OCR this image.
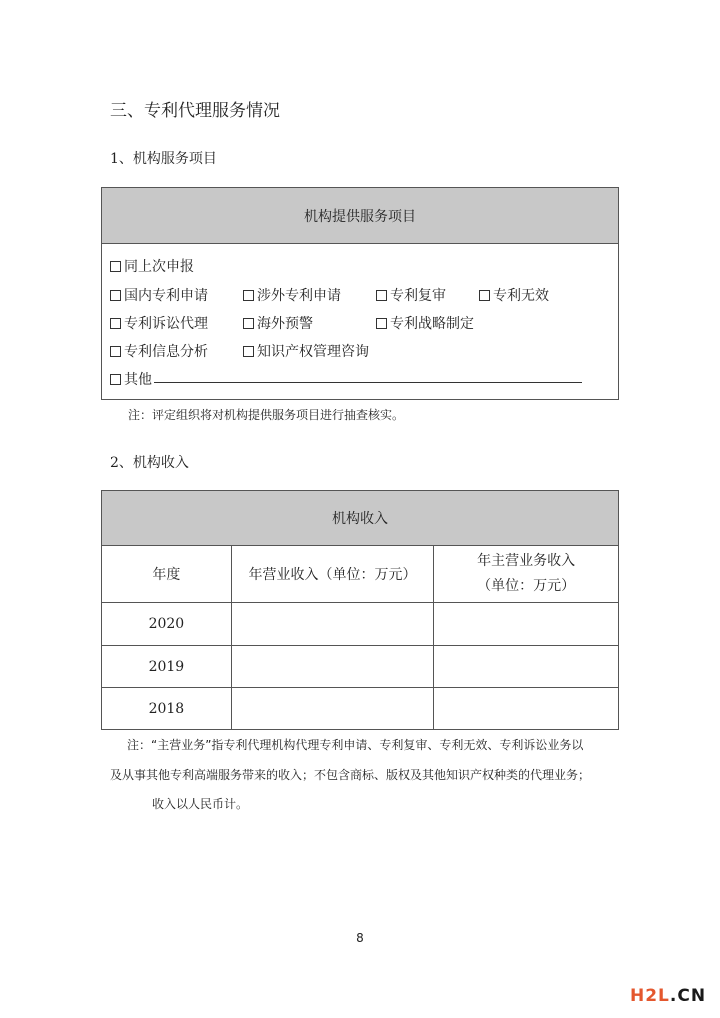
三、专利代理服务情况
1、机构服务项目
机构提供服务项目
同上次申报
国内专利申请	涉外专利申请	专利复审	专利无效
专利诉讼代理	海外预警	专利战略制定
专利信息分析	知识产权管理咨询
其他
注：评定组织将对机构提供服务项目进行抽查核实。
2、机构收入
机构收入
年度	年营业收入（单位：万元）	年主营业务收入
（单位：万元）

2020		
2019		
2018		
注：“主营业务”指专利代理机构代理专利申请、专利复审、专利无效、专利诉讼业务以
及从事其他专利高端服务带来的收入；不包含商标、版权及其他知识产权种类的代理业务；
收入以人民币计。
8
H2L.CN
